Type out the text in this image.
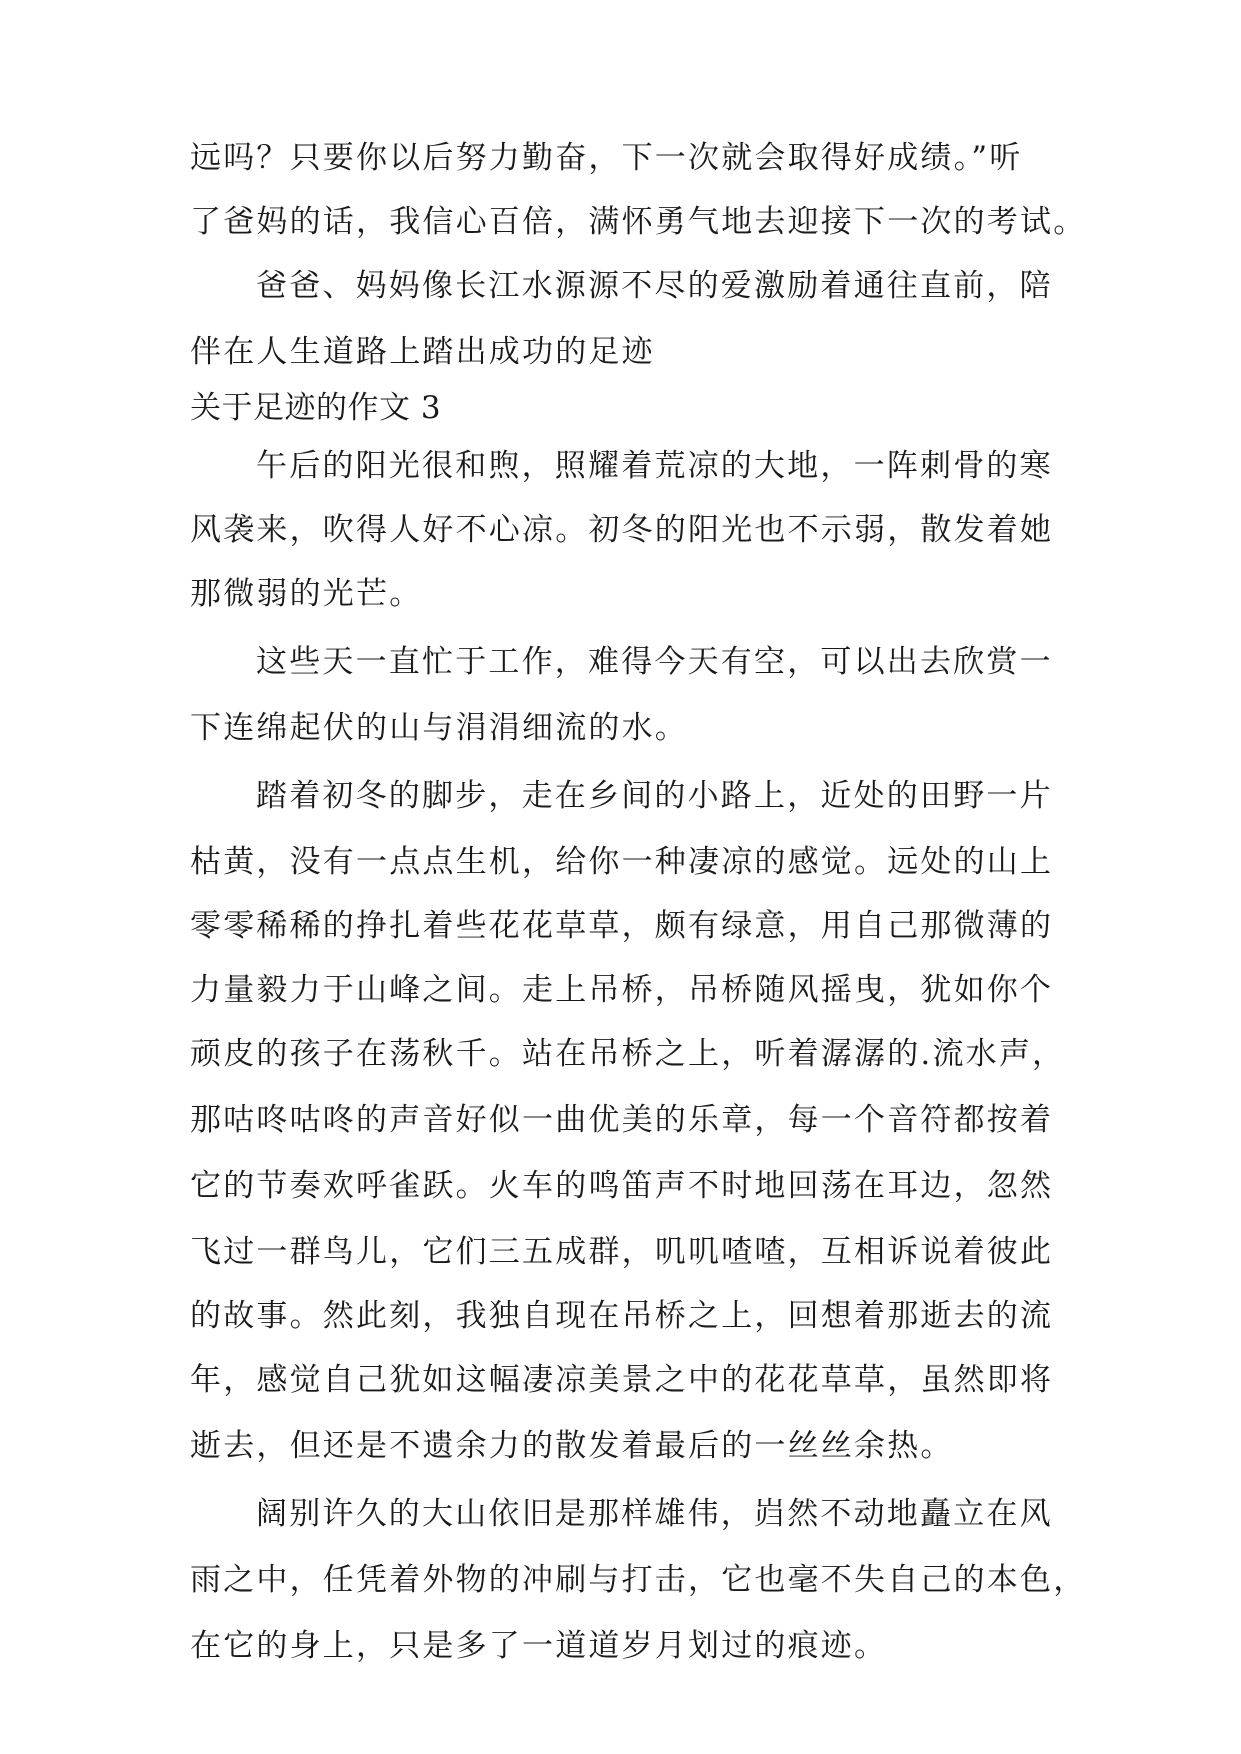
远吗？只要你以后努力勤奋，下一次就会取得好成绩。”听
了爸妈的话，我信心百倍，满怀勇气地去迎接下一次的考试。
爸爸、妈妈像长江水源源不尽的爱激励着通往直前，陪
伴在人生道路上踏出成功的足迹
关于足迹的作文 3
午后的阳光很和煦，照耀着荒凉的大地，一阵刺骨的寒
风袭来，吹得人好不心凉。初冬的阳光也不示弱，散发着她
那微弱的光芒。
这些天一直忙于工作，难得今天有空，可以出去欣赏一
下连绵起伏的山与涓涓细流的水。
踏着初冬的脚步，走在乡间的小路上，近处的田野一片
枯黄，没有一点点生机，给你一种凄凉的感觉。远处的山上
零零稀稀的挣扎着些花花草草，颇有绿意，用自己那微薄的
力量毅力于山峰之间。走上吊桥，吊桥随风摇曳，犹如你个
顽皮的孩子在荡秋千。站在吊桥之上，听着潺潺的.流水声，
那咕咚咕咚的声音好似一曲优美的乐章，每一个音符都按着
它的节奏欢呼雀跃。火车的鸣笛声不时地回荡在耳边，忽然
飞过一群鸟儿，它们三五成群，叽叽喳喳，互相诉说着彼此
的故事。然此刻，我独自现在吊桥之上，回想着那逝去的流
年，感觉自己犹如这幅凄凉美景之中的花花草草，虽然即将
逝去，但还是不遗余力的散发着最后的一丝丝余热。
阔别许久的大山依旧是那样雄伟，岿然不动地矗立在风
雨之中，任凭着外物的冲刷与打击，它也毫不失自己的本色，
在它的身上，只是多了一道道岁月划过的痕迹。
